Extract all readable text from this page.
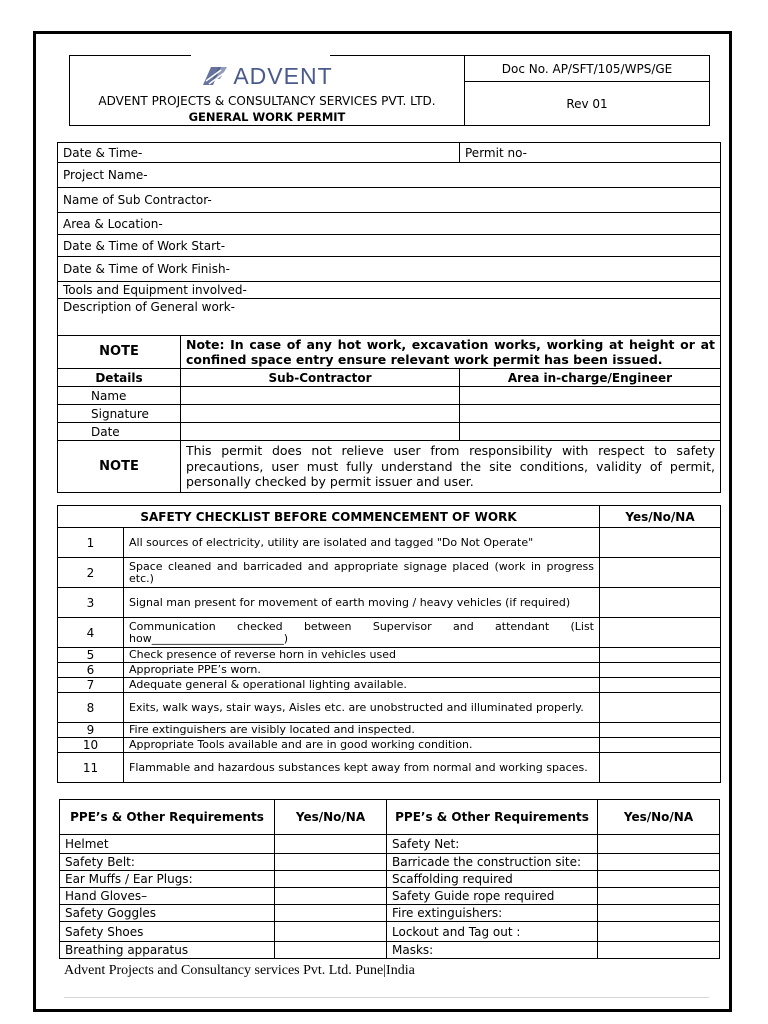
ADVENT
ADVENT PROJECTS & CONSULTANCY SERVICES PVT. LTD.
GENERAL WORK PERMIT
	Doc No. AP/SFT/105/WPS/GE
Rev 01
Date & Time-		Permit no-
Project Name-		
Name of Sub Contractor-		
Area & Location-		
Date & Time of Work Start-		
Date & Time of Work Finish-		
Tools and Equipment involved-		
Description of General work-		
NOTE	Note: In case of any hot work, excavation works, working at height or at confined space entry ensure relevant work permit has been issued.	
Details	Sub-Contractor	Area in-charge/Engineer
Name		
Signature		
Date		
NOTE	This permit does not relieve user from responsibility with respect to safety precautions, user must fully understand the site conditions, validity of permit, personally checked by permit issuer and user.	
SAFETY CHECKLIST BEFORE COMMENCEMENT OF WORK		Yes/No/NA
1	All sources of electricity, utility are isolated and tagged "Do Not Operate"	
2	Space cleaned and barricaded and appropriate signage placed (work in progress etc.)	
3	Signal man present for movement of earth moving / heavy vehicles (if required)	
4	Communication checked between Supervisor and attendant (List how________________________)	
5	Check presence of reverse horn in vehicles used	
6	Appropriate PPE’s worn.	
7	Adequate general & operational lighting available.	
8	Exits, walk ways, stair ways, Aisles etc. are unobstructed and illuminated properly.	
9	Fire extinguishers are visibly located and inspected.	
10	Appropriate Tools available and are in good working condition.	
11	Flammable and hazardous substances kept away from normal and working spaces.	
PPE’s & Other Requirements	Yes/No/NA	PPE’s & Other Requirements	Yes/No/NA
Helmet		Safety Net:	
Safety Belt:		Barricade the construction site:	
Ear Muffs / Ear Plugs:		Scaffolding required	
Hand Gloves–		Safety Guide rope required	
Safety Goggles		Fire extinguishers:	
Safety Shoes		Lockout and Tag out :	
Breathing apparatus		Masks:	
Advent Projects and Consultancy services Pvt. Ltd. Pune|India
